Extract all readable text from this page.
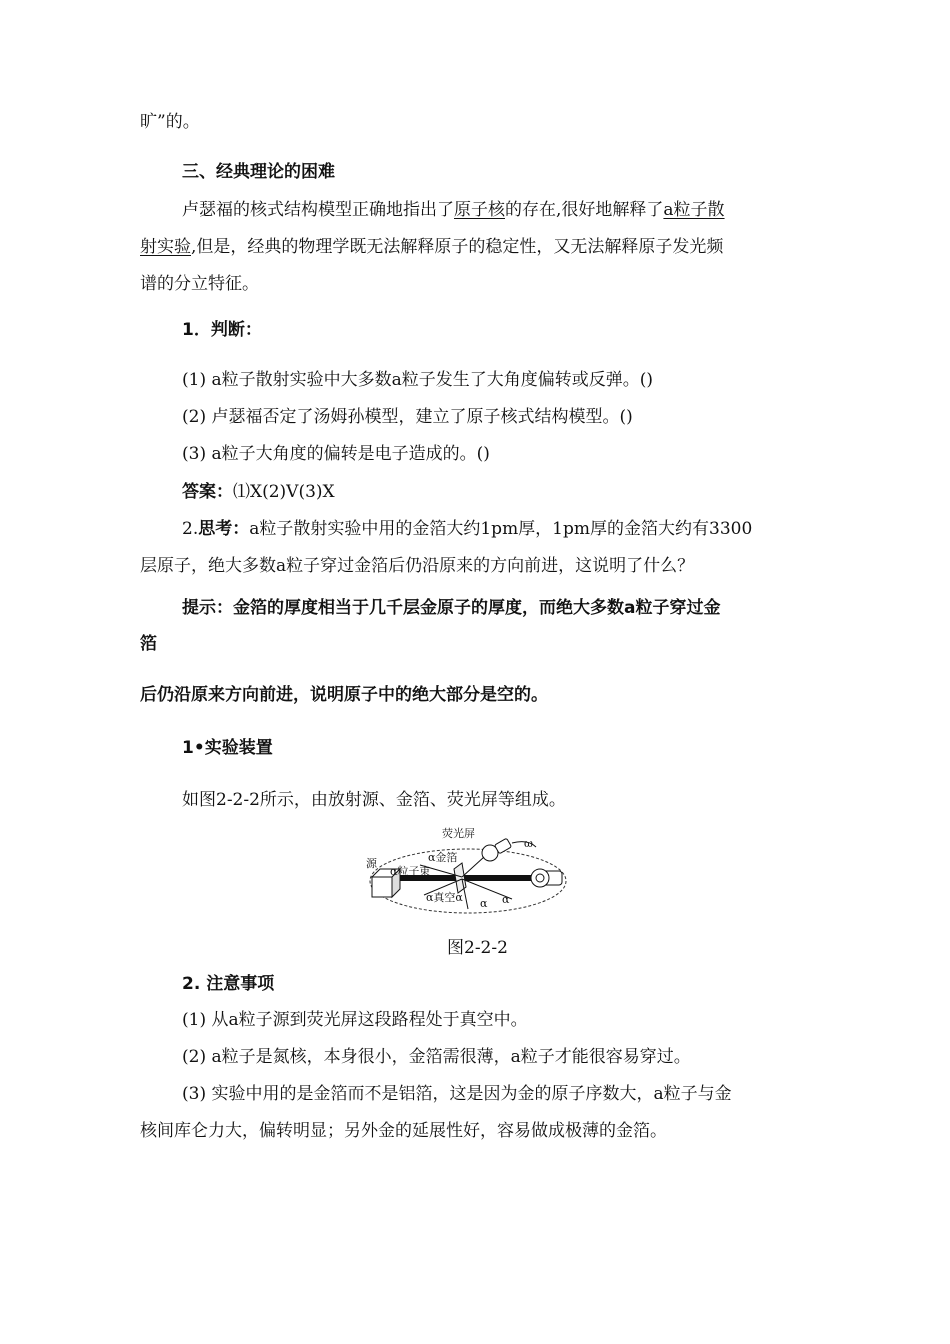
旷”的。
三、经典理论的困难
卢瑟福的核式结构模型正确地指出了原子核的存在,很好地解释了a粒子散
射实验,但是，经典的物理学既无法解释原子的稳定性，又无法解释原子发光频
谱的分立特征。
1．判断：
(1) a粒子散射实验中大多数a粒子发生了大角度偏转或反弹。()
(2) 卢瑟福否定了汤姆孙模型，建立了原子核式结构模型。()
(3) a粒子大角度的偏转是电子造成的。()
答案：⑴X(2)V(3)X
2.思考：a粒子散射实验中用的金箔大约1pm厚，1pm厚的金箔大约有3300
层原子，绝大多数a粒子穿过金箔后仍沿原来的方向前进，这说明了什么？
提示：金箔的厚度相当于几千层金原子的厚度，而绝大多数a粒子穿过金
箔
后仍沿原来方向前进，说明原子中的绝大部分是空的。
1•实验装置
如图2-2-2所示，由放射源、金箔、荧光屏等组成。
荧光屏
ω
源	α金箔
α粒子束
α真空α α α
图2-2-2
2. 注意事项
(1) 从a粒子源到荧光屏这段路程处于真空中。
(2) a粒子是氮核，本身很小，金箔需很薄，a粒子才能很容易穿过。
(3) 实验中用的是金箔而不是铝箔，这是因为金的原子序数大，a粒子与金
核间库仑力大，偏转明显；另外金的延展性好，容易做成极薄的金箔。
